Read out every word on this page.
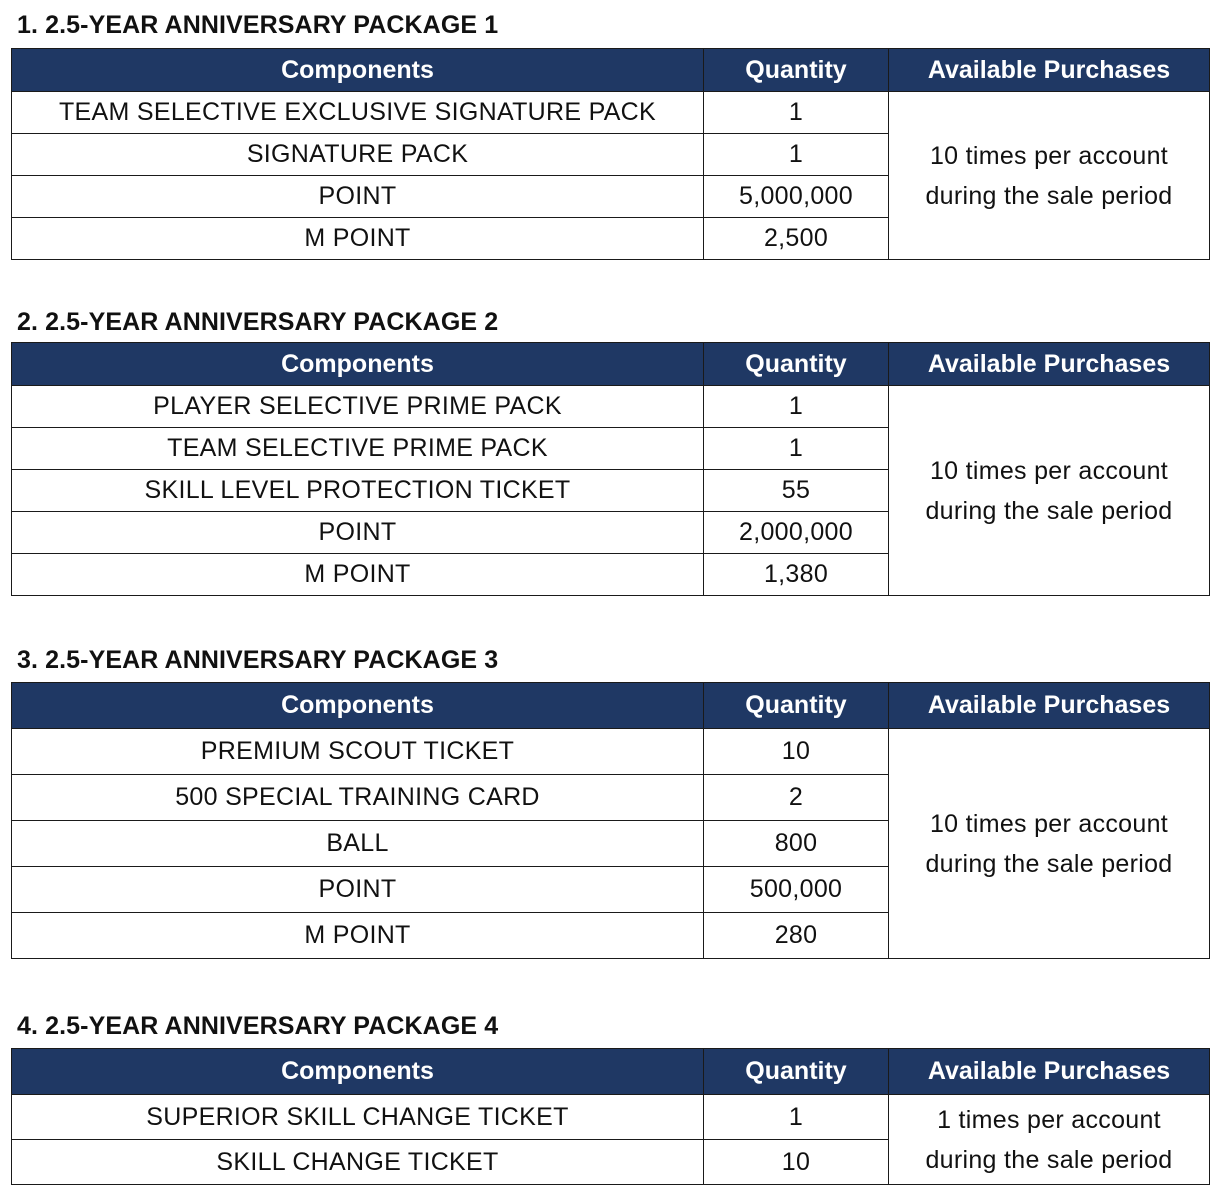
1. 2.5-YEAR ANNIVERSARY PACKAGE 1
Components	Quantity	Available Purchases
TEAM SELECTIVE EXCLUSIVE SIGNATURE PACK	1	10 times per account
during the sale period

SIGNATURE PACK	1	
POINT	5,000,000	
M POINT	2,500	
2. 2.5-YEAR ANNIVERSARY PACKAGE 2
Components	Quantity	Available Purchases
PLAYER SELECTIVE PRIME PACK	1	10 times per account
during the sale period

TEAM SELECTIVE PRIME PACK	1	
SKILL LEVEL PROTECTION TICKET	55	
POINT	2,000,000	
M POINT	1,380	
3. 2.5-YEAR ANNIVERSARY PACKAGE 3
Components	Quantity	Available Purchases
PREMIUM SCOUT TICKET	10	10 times per account
during the sale period

500 SPECIAL TRAINING CARD	2	
BALL	800	
POINT	500,000	
M POINT	280	
4. 2.5-YEAR ANNIVERSARY PACKAGE 4
Components	Quantity	Available Purchases
SUPERIOR SKILL CHANGE TICKET	1	1 times per account
during the sale period

SKILL CHANGE TICKET	10	
